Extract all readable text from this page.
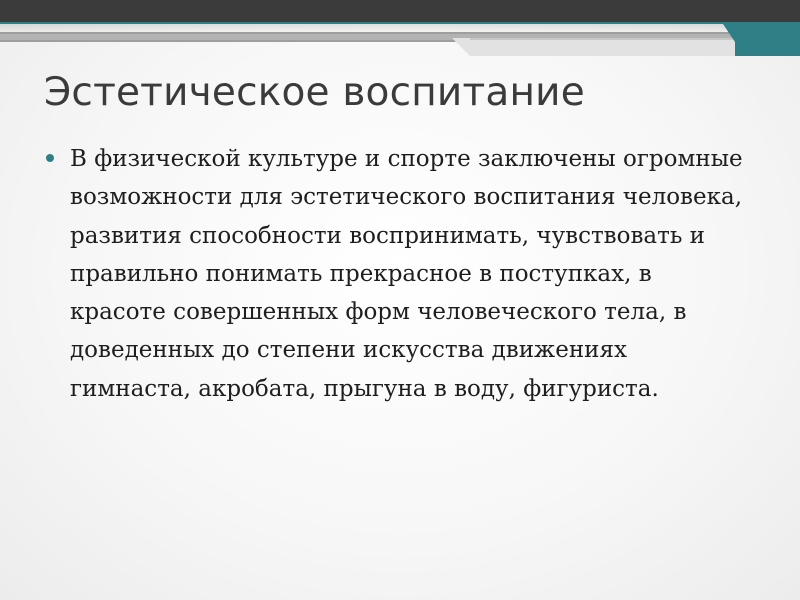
Эстетическое воспитание
В физической культуре и спорте заключены огромные возможности для эстетического воспитания человека, развития способности воспринимать, чувствовать и правильно понимать прекрасное в поступках, в красоте совершенных форм человеческого тела, в доведенных до степени искусства движениях гимнаста, акробата, прыгуна в воду, фигуриста.
